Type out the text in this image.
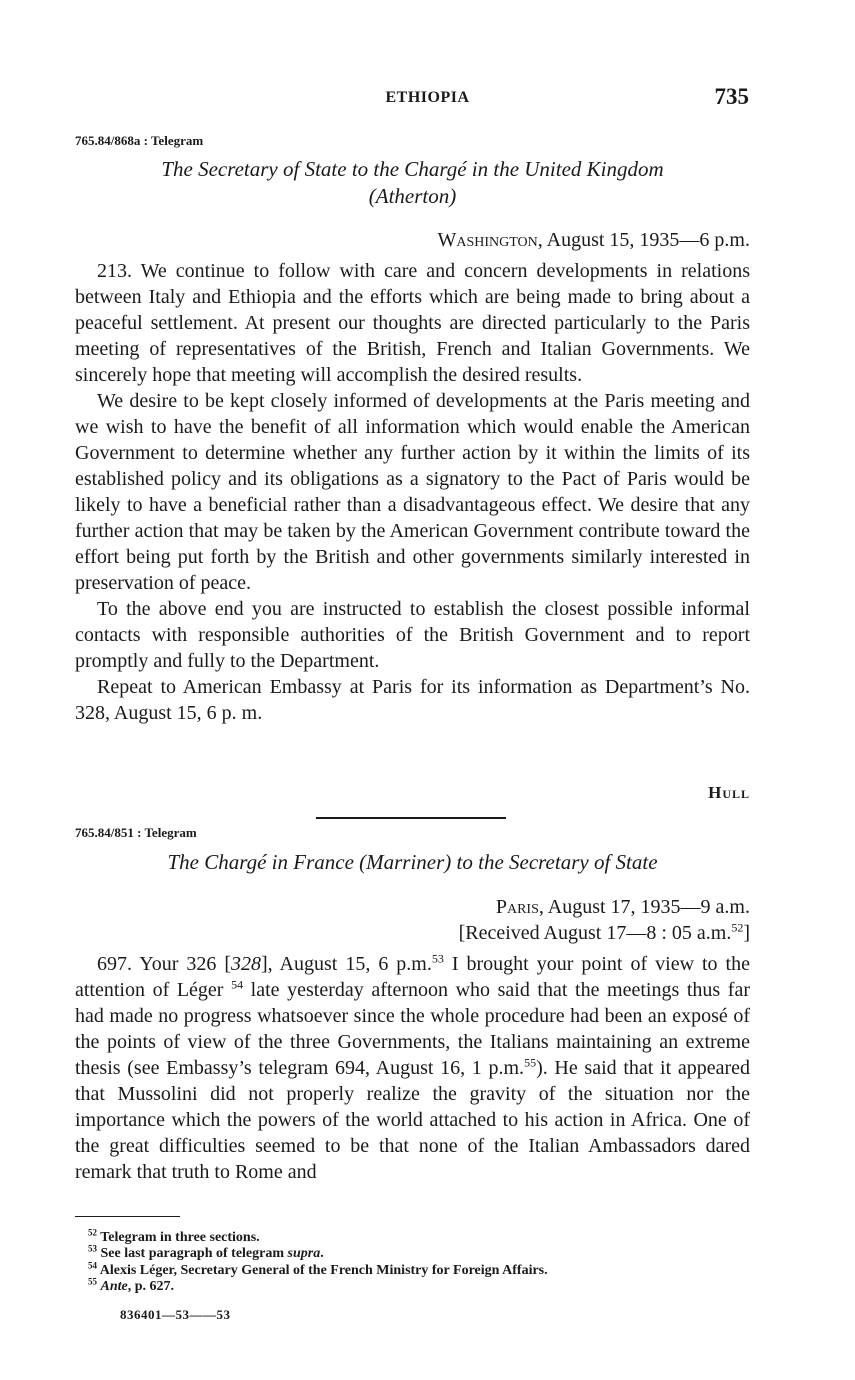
ETHIOPIA	735
765.84/868a : Telegram
The Secretary of State to the Chargé in the United Kingdom
(Atherton)
Washington, August 15, 1935—6 p.m.

213. We continue to follow with care and concern developments in relations between Italy and Ethiopia and the efforts which are being made to bring about a peaceful settlement. At present our thoughts are directed particularly to the Paris meeting of representatives of the British, French and Italian Governments. We sincerely hope that meeting will accomplish the desired results.

We desire to be kept closely informed of developments at the Paris meeting and we wish to have the benefit of all information which would enable the American Government to determine whether any further action by it within the limits of its established policy and its obligations as a signatory to the Pact of Paris would be likely to have a beneficial rather than a disadvantageous effect. We desire that any further action that may be taken by the American Government contribute toward the effort being put forth by the British and other governments similarly interested in preservation of peace.

To the above end you are instructed to establish the closest possible informal contacts with responsible authorities of the British Government and to report promptly and fully to the Department.

Repeat to American Embassy at Paris for its information as Department’s No. 328, August 15, 6 p. m.

Hull
765.84/851 : Telegram
The Chargé in France (Marriner) to the Secretary of State
Paris, August 17, 1935—9 a.m.
[Received August 17—8 : 05 a.m.$^{52}$]

697. Your 326 [328], August 15, 6 p.m.$^{53}$ I brought your point of view to the attention of Léger $^{54}$ late yesterday afternoon who said that the meetings thus far had made no progress whatsoever since the whole procedure had been an exposé of the points of view of the three Governments, the Italians maintaining an extreme thesis (see Embassy’s telegram 694, August 16, 1 p.m.$^{55}$). He said that it appeared that Mussolini did not properly realize the gravity of the situation nor the importance which the powers of the world attached to his action in Africa. One of the great difficulties seemed to be that none of the Italian Ambassadors dared remark that truth to Rome and

$^{52}$ Telegram in three sections.
$^{53}$ See last paragraph of telegram supra.
$^{54}$ Alexis Léger, Secretary General of the French Ministry for Foreign Affairs.
$^{55}$ Ante, p. 627.
836401—53——53
